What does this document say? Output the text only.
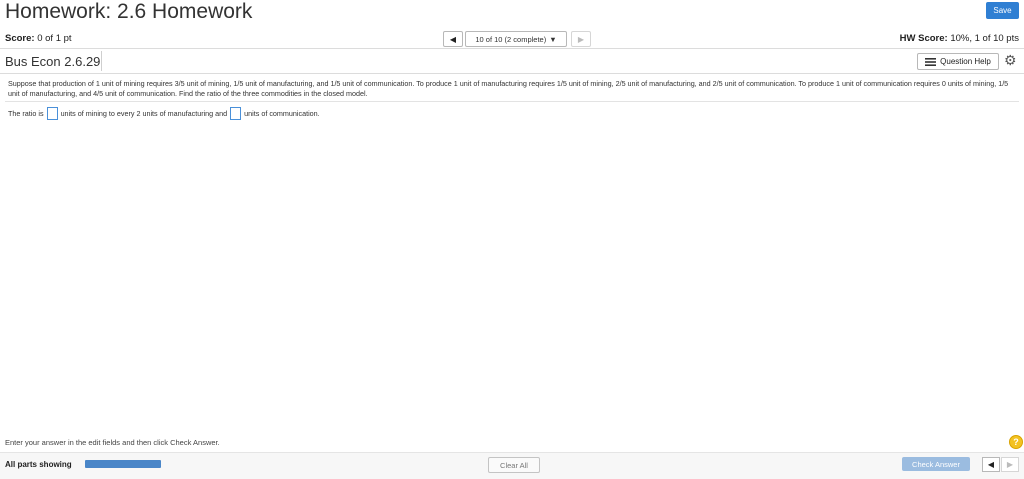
Homework: 2.6 Homework	Save
Score: 0 of 1 pt	◀	10 of 10 (2 complete) ▼	▶	HW Score: 10%, 1 of 10 pts
Bus Econ 2.6.29	Question Help ⚙
Suppose that production of 1 unit of mining requires 3/5 unit of mining, 1/5 unit of manufacturing, and 1/5 unit of communication. To produce 1 unit of manufacturing requires 1/5 unit of mining, 2/5 unit of manufacturing, and 2/5 unit of communication. To produce 1 unit of communication requires 0 units of mining, 1/5 unit of manufacturing, and 4/5 unit of communication. Find the ratio of the three commodities in the closed model.
The ratio is units of mining to every 2 units of manufacturing and units of communication.
Enter your answer in the edit fields and then click Check Answer.	?
All parts showing	Clear All	Check Answer	◀ ▶
